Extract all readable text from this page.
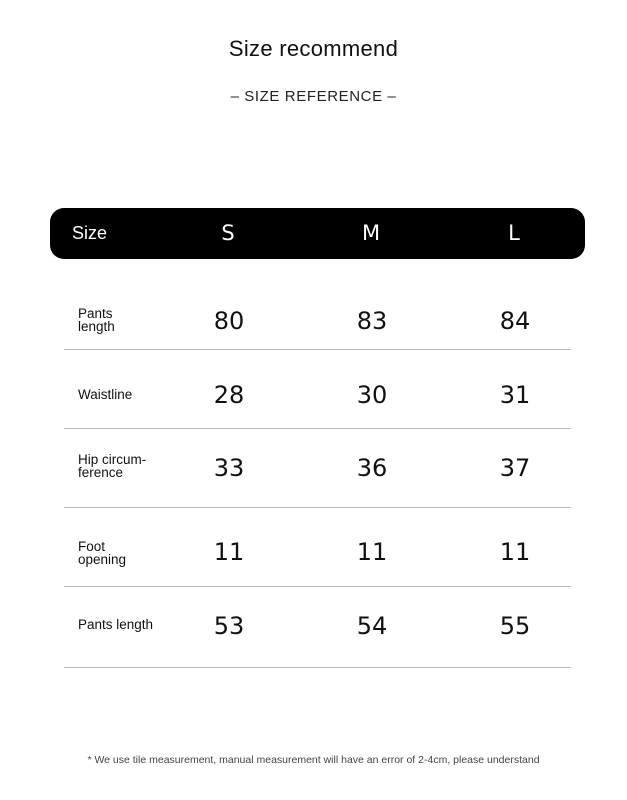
Size recommend
– SIZE REFERENCE –
Size	S	M	L
Pants
length	80	83	84
Waistline	28	30	31
Hip circum-
ference	33	36	37
Foot
opening	11	11	11
Pants length	53	54	55
* We use tile measurement, manual measurement will have an error of 2-4cm, please understand
